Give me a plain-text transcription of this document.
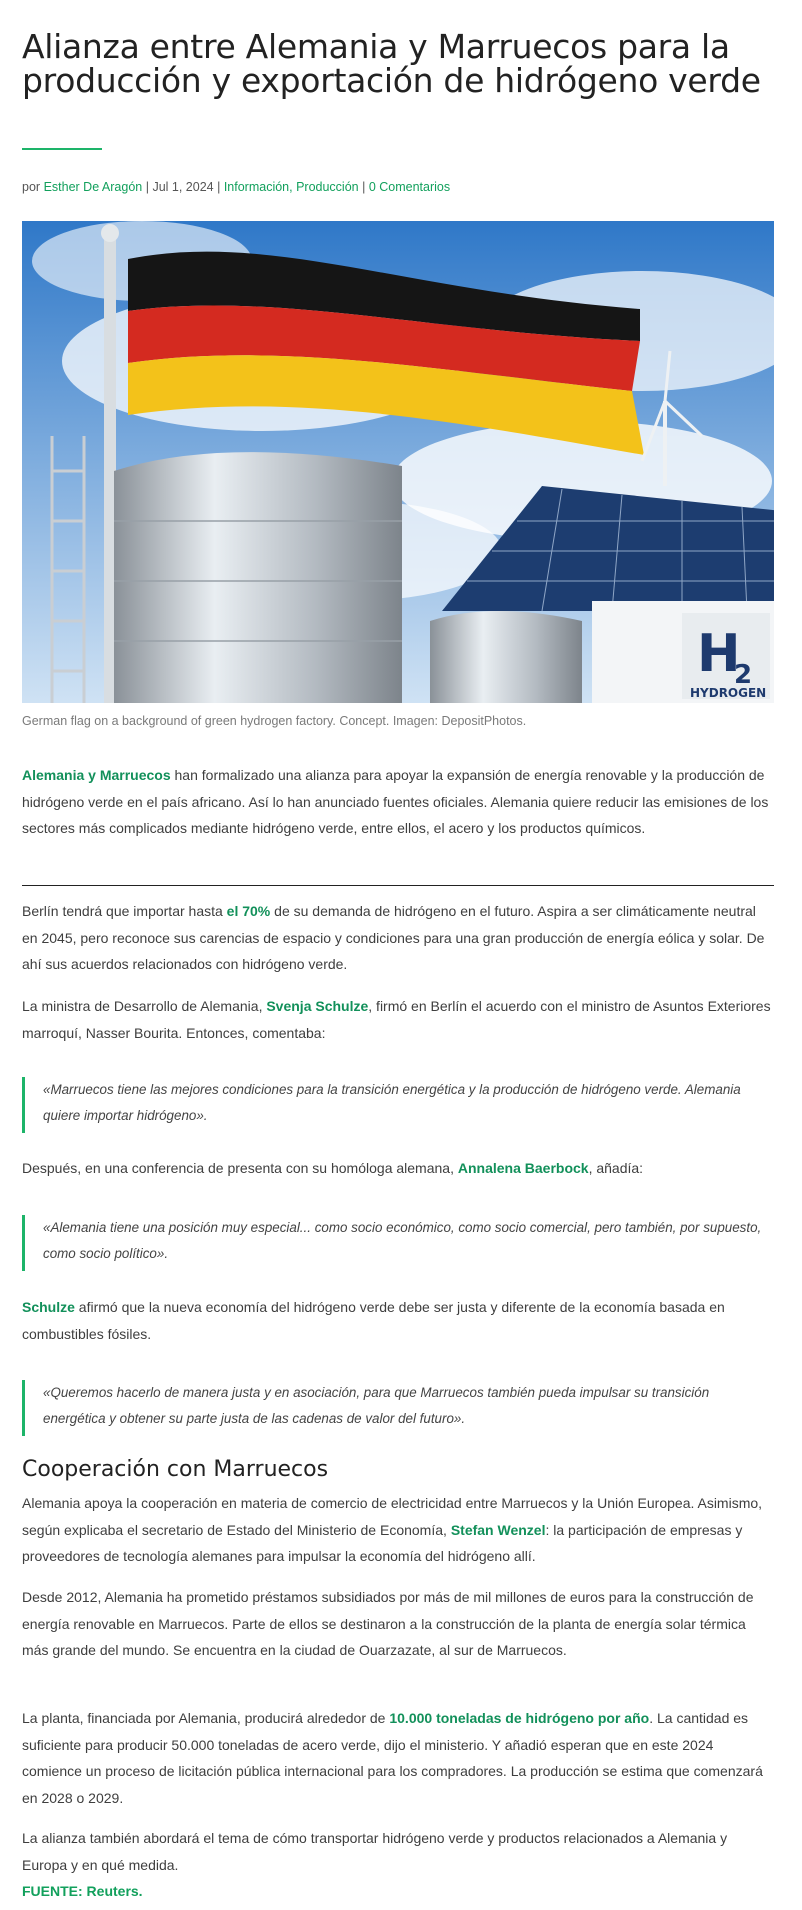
Alianza entre Alemania y Marruecos para la producción y exportación de hidrógeno verde
por Esther De Aragón | Jul 1, 2024 | Información, Producción | 0 Comentarios
H
2
HYDROGEN
German flag on a background of green hydrogen factory. Concept. Imagen: DepositPhotos.

Alemania y Marruecos han formalizado una alianza para apoyar la expansión de energía renovable y la producción de hidrógeno verde en el país africano. Así lo han anunciado fuentes oficiales. Alemania quiere reducir las emisiones de los sectores más complicados mediante hidrógeno verde, entre ellos, el acero y los productos químicos.

Berlín tendrá que importar hasta el 70% de su demanda de hidrógeno en el futuro. Aspira a ser climáticamente neutral en 2045, pero reconoce sus carencias de espacio y condiciones para una gran producción de energía eólica y solar. De ahí sus acuerdos relacionados con hidrógeno verde.

La ministra de Desarrollo de Alemania, Svenja Schulze, firmó en Berlín el acuerdo con el ministro de Asuntos Exteriores marroquí, Nasser Bourita. Entonces, comentaba:

«Marruecos tiene las mejores condiciones para la transición energética y la producción de hidrógeno verde. Alemania quiere importar hidrógeno».

Después, en una conferencia de presenta con su homóloga alemana, Annalena Baerbock, añadía:

«Alemania tiene una posición muy especial... como socio económico, como socio comercial, pero también, por supuesto, como socio político».

Schulze afirmó que la nueva economía del hidrógeno verde debe ser justa y diferente de la economía basada en combustibles fósiles.

«Queremos hacerlo de manera justa y en asociación, para que Marruecos también pueda impulsar su transición energética y obtener su parte justa de las cadenas de valor del futuro».
Cooperación con Marruecos

Alemania apoya la cooperación en materia de comercio de electricidad entre Marruecos y la Unión Europea. Asimismo, según explicaba el secretario de Estado del Ministerio de Economía, Stefan Wenzel: la participación de empresas y proveedores de tecnología alemanes para impulsar la economía del hidrógeno allí.

Desde 2012, Alemania ha prometido préstamos subsidiados por más de mil millones de euros para la construcción de energía renovable en Marruecos. Parte de ellos se destinaron a la construcción de la planta de energía solar térmica más grande del mundo. Se encuentra en la ciudad de Ouarzazate, al sur de Marruecos.

La planta, financiada por Alemania, producirá alrededor de 10.000 toneladas de hidrógeno por año. La cantidad es suficiente para producir 50.000 toneladas de acero verde, dijo el ministerio. Y añadió esperan que en este 2024 comience un proceso de licitación pública internacional para los compradores. La producción se estima que comenzará en 2028 o 2029.

La alianza también abordará el tema de cómo transportar hidrógeno verde y productos relacionados a Alemania y Europa y en qué medida.

FUENTE: Reuters.
